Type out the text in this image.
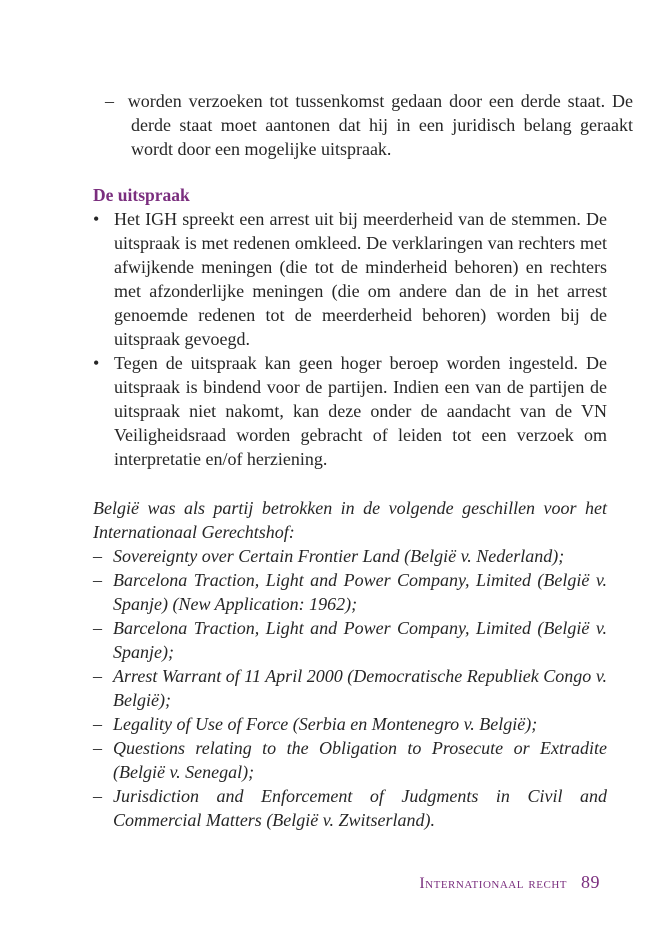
– worden verzoeken tot tussenkomst gedaan door een derde staat. De derde staat moet aantonen dat hij in een juridisch belang geraakt wordt door een mogelijke uitspraak.
De uitspraak
•
Het IGH spreekt een arrest uit bij meerderheid van de stemmen. De uitspraak is met redenen omkleed. De verklaringen van rechters met afwijkende meningen (die tot de minderheid behoren) en rechters met afzonderlijke meningen (die om andere dan de in het arrest genoemde redenen tot de meerderheid behoren) worden bij de uitspraak gevoegd.
•
Tegen de uitspraak kan geen hoger beroep worden ingesteld. De uitspraak is bindend voor de partijen. Indien een van de partijen de uitspraak niet nakomt, kan deze onder de aandacht van de VN Veiligheidsraad worden gebracht of leiden tot een verzoek om interpretatie en/of herziening.
België was als partij betrokken in de volgende geschillen voor het Internationaal Gerechtshof:
– Sovereignty over Certain Frontier Land (België v. Nederland);
– Barcelona Traction, Light and Power Company, Limited (België v. Spanje) (New Application: 1962);
– Barcelona Traction, Light and Power Company, Limited (België v. Spanje);
– Arrest Warrant of 11 April 2000 (Democratische Republiek Congo v. België);
– Legality of Use of Force (Serbia en Montenegro v. België);
– Questions relating to the Obligation to Prosecute or Extradite (België v. Senegal);
– Jurisdiction and Enforcement of Judgments in Civil and Commercial Matters (België v. Zwitserland).
Internationaal recht 89
